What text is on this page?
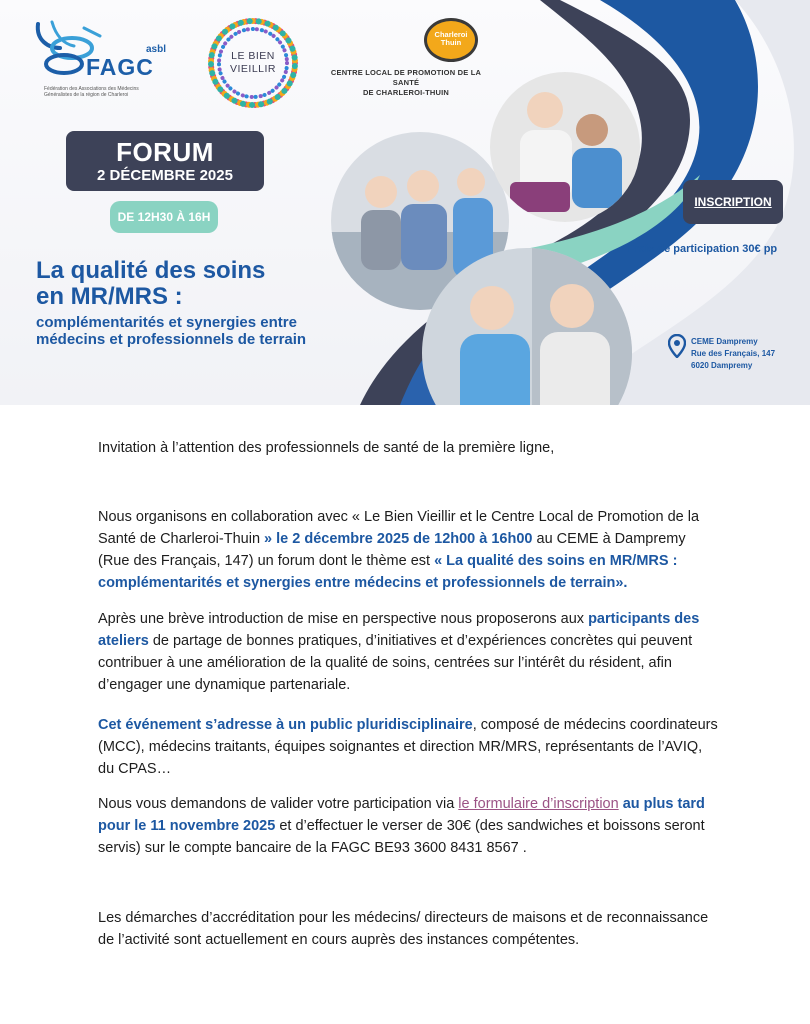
asbl
FAGC
Fédération des Associations des Médecins Généralistes de la région de Charleroi
LE BIEN
VIEILLIR
Charleroi
Thuin
CENTRE LOCAL DE PROMOTION DE LA SANTÉ
DE CHARLEROI-THUIN
FORUM
2 DÉCEMBRE 2025
DE 12H30 À 16H
La qualité des soins
en MR/MRS :
complémentarités et synergies entre
médecins et professionnels de terrain
INSCRIPTION
Frais de participation 30€ pp
CEME Dampremy
Rue des Français, 147
6020 Dampremy

Invitation à l’attention des professionnels de santé de la première ligne,

Nous organisons en collaboration avec « Le Bien Vieillir et le Centre Local de Promotion de la Santé de Charleroi-Thuin » le 2 décembre 2025 de 12h00 à 16h00 au CEME à Dampremy (Rue des Français, 147) un forum dont le thème est « La qualité des soins en MR/MRS : complémentarités et synergies entre médecins et professionnels de terrain».

Après une brève introduction de mise en perspective nous proposerons aux participants des ateliers de partage de bonnes pratiques, d’initiatives et d’expériences concrètes qui peuvent contribuer à une amélioration de la qualité de soins, centrées sur l’intérêt du résident, afin d’engager une dynamique partenariale.

Cet événement s’adresse à un public pluridisciplinaire, composé de médecins coordinateurs (MCC), médecins traitants, équipes soignantes et direction MR/MRS, représentants de l’AVIQ, du CPAS…

Nous vous demandons de valider votre participation via le formulaire d’inscription au plus tard pour le 11 novembre 2025 et d’effectuer le verser de 30€ (des sandwiches et boissons seront servis) sur le compte bancaire de la FAGC BE93 3600 8431 8567 .

Les démarches d’accréditation pour les médecins/ directeurs de maisons et de reconnaissance de l’activité sont actuellement en cours auprès des instances compétentes.
